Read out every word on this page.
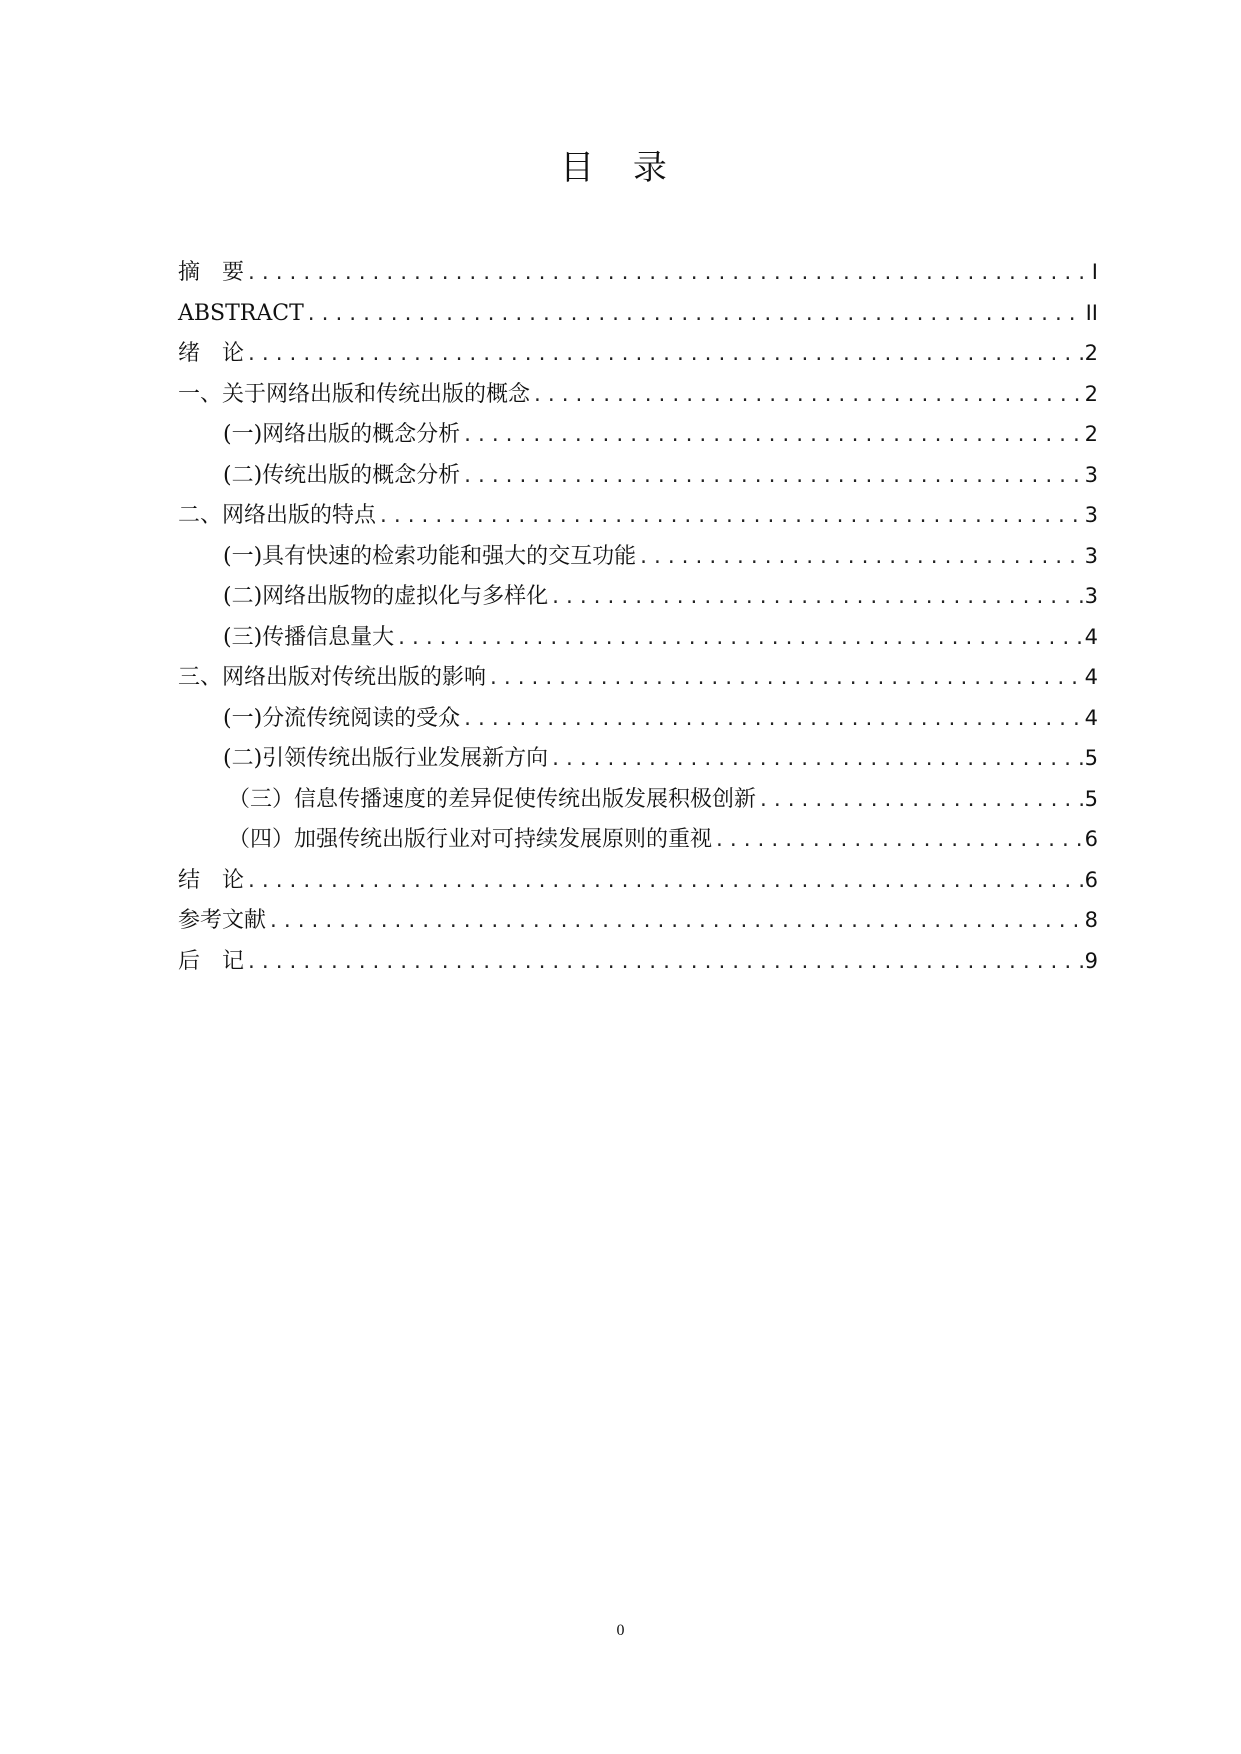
目 录
摘　要 .....	I
ABSTRACT .....	II
绪　论 .....	2
一、关于网络出版和传统出版的概念 .....	2
(一)网络出版的概念分析 .....	2
(二)传统出版的概念分析 .....	3
二、网络出版的特点 .....	3
(一)具有快速的检索功能和强大的交互功能 .....	3
(二)网络出版物的虚拟化与多样化 .....	3
(三)传播信息量大 .....	4
三、网络出版对传统出版的影响 .....	4
(一)分流传统阅读的受众 .....	4
(二)引领传统出版行业发展新方向 .....	5
（三）信息传播速度的差异促使传统出版发展积极创新 .....	5
（四）加强传统出版行业对可持续发展原则的重视 .....	6
结　论 .....	6
参考文献 .....	8
后　记 .....	9
0
